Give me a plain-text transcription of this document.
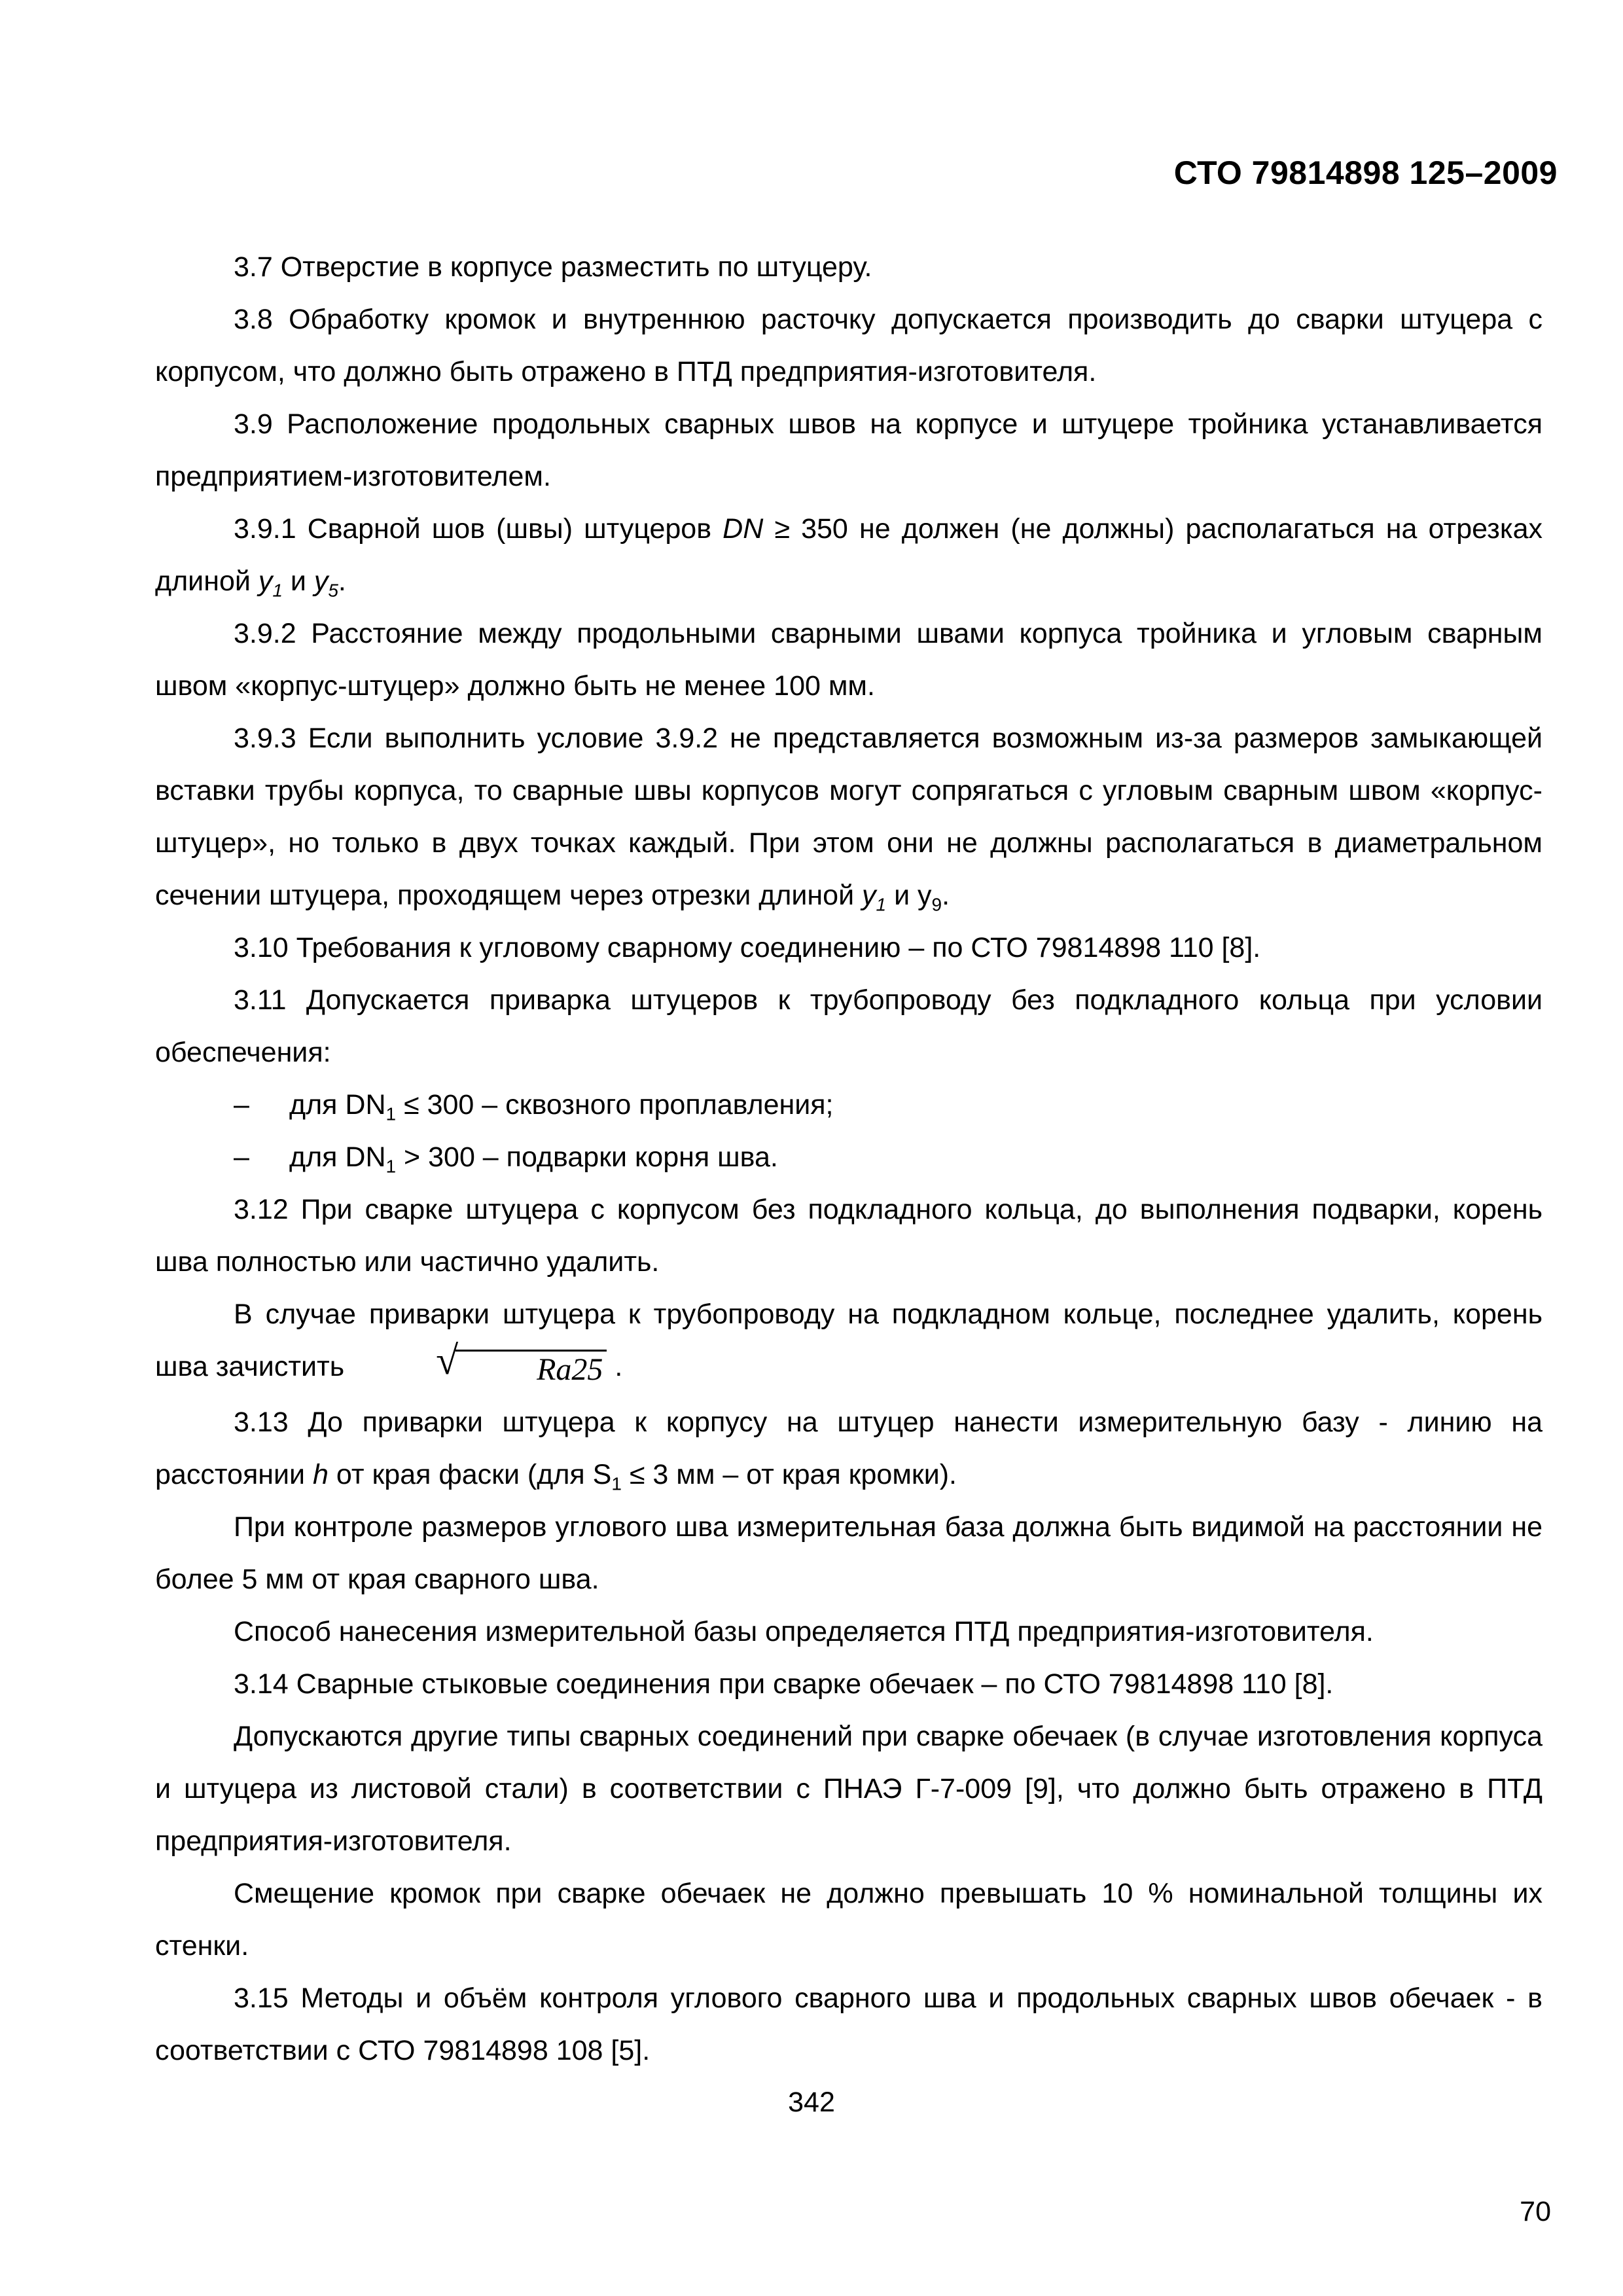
СТО 79814898 125–2009

3.7 Отверстие в корпусе разместить по штуцеру.

3.8 Обработку кромок и внутреннюю расточку допускается производить до сварки штуцера с корпусом, что должно быть отражено в ПТД предприятия-изготовителя.

3.9 Расположение продольных сварных швов на корпусе и штуцере тройника устанавливается предприятием-изготовителем.

3.9.1 Сварной шов (швы) штуцеров DN ≥ 350 не должен (не должны) располагаться на отрезках длиной $y_1$ и $y_5$.

3.9.2 Расстояние между продольными сварными швами корпуса тройника и угловым сварным швом «корпус-штуцер» должно быть не менее 100 мм.

3.9.3 Если выполнить условие 3.9.2 не представляется возможным из-за размеров замыкающей вставки трубы корпуса, то сварные швы корпусов могут сопрягаться с угловым сварным швом «корпус-штуцер», но только в двух точках каждый. При этом они не должны располагаться в диаметральном сечении штуцера, проходящем через отрезки длиной $y_1$ и $y_9$.

3.10 Требования к угловому сварному соединению – по СТО 79814898 110 [8].

3.11 Допускается приварка штуцеров к трубопроводу без подкладного кольца при условии обеспечения:

– для $DN_1 \le 300$ – сквозного проплавления;

– для $DN_1 > 300$ – подварки корня шва.

3.12 При сварке штуцера с корпусом без подкладного кольца, до выполнения подварки, корень шва полностью или частично удалить.

В случае приварки штуцера к трубопроводу на подкладном кольце, последнее удалить, корень шва зачистить	√ Ra25 .

3.13 До приварки штуцера к корпусу на штуцер нанести измерительную базу - линию на расстоянии h от края фаски (для $S_1 \le 3$ мм – от края кромки).

При контроле размеров углового шва измерительная база должна быть видимой на расстоянии не более 5 мм от края сварного шва.

Способ нанесения измерительной базы определяется ПТД предприятия-изготовителя.

3.14 Сварные стыковые соединения при сварке обечаек – по СТО 79814898 110 [8].

Допускаются другие типы сварных соединений при сварке обечаек (в случае изготовления корпуса и штуцера из листовой стали) в соответствии с ПНАЭ Г-7-009 [9], что должно быть отражено в ПТД предприятия-изготовителя.

Смещение кромок при сварке обечаек не должно превышать 10 % номинальной толщины их стенки.

3.15 Методы и объём контроля углового сварного шва и продольных сварных швов обечаек - в соответствии с СТО 79814898 108 [5].

342
70
